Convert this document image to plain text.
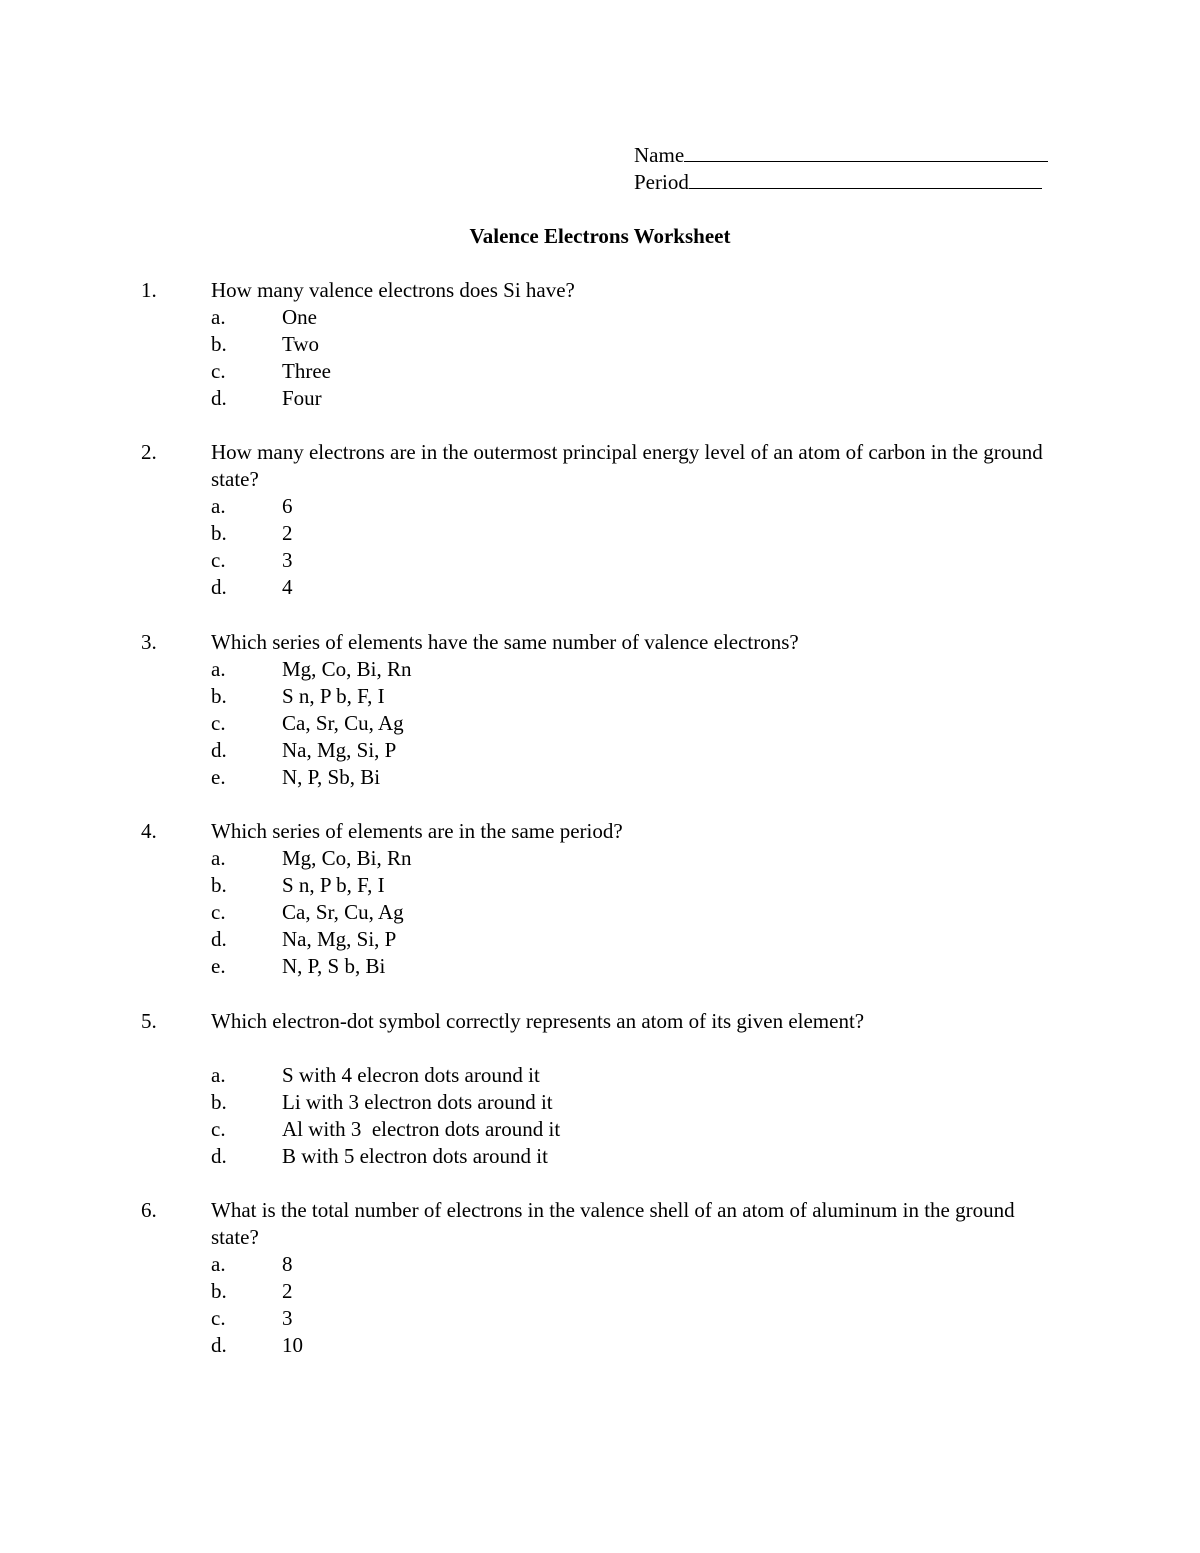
Name
Period
Valence Electrons Worksheet
1.	How many valence electrons does Si have?
a.	One
b.	Two
c.	Three
d.	Four
2.	How many electrons are in the outermost principal energy level of an atom of carbon in the ground state?
a.	6
b.	2
c.	3
d.	4
3.	Which series of elements have the same number of valence electrons?
a.	Mg, Co, Bi, Rn
b.	S n, P b, F, I
c.	Ca, Sr, Cu, Ag
d.	Na, Mg, Si, P
e.	N, P, Sb, Bi
4.	Which series of elements are in the same period?
a.	Mg, Co, Bi, Rn
b.	S n, P b, F, I
c.	Ca, Sr, Cu, Ag
d.	Na, Mg, Si, P
e.	N, P, S b, Bi
5.	Which electron-dot symbol correctly represents an atom of its given element?
a.	S with 4 elecron dots around it
b.	Li with 3 electron dots around it
c.	Al with 3  electron dots around it
d.	B with 5 electron dots around it
6.	What is the total number of electrons in the valence shell of an atom of aluminum in the ground state?
a.	8
b.	2
c.	3
d.	10
